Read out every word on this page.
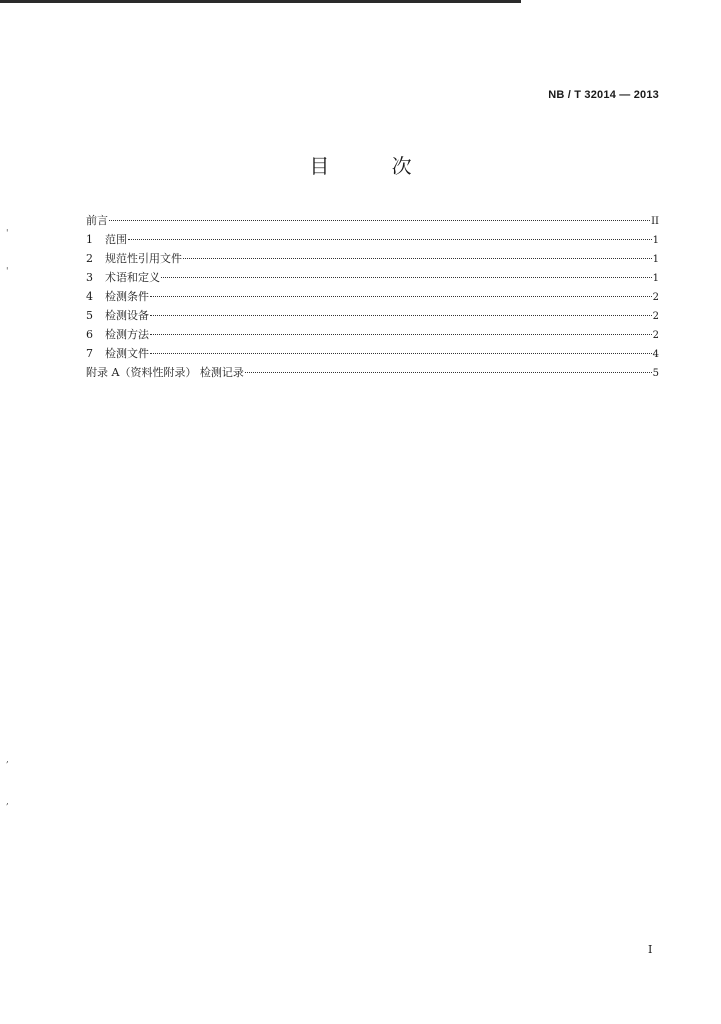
NB / T 32014 — 2013
目 次
前言	II
1	范围	1
2	规范性引用文件	1
3	术语和定义	1
4	检测条件	2
5	检测设备	2
6	检测方法	2
7	检测文件	4
附录 A（资料性附录） 检测记录	5
I
'
'
,
,
